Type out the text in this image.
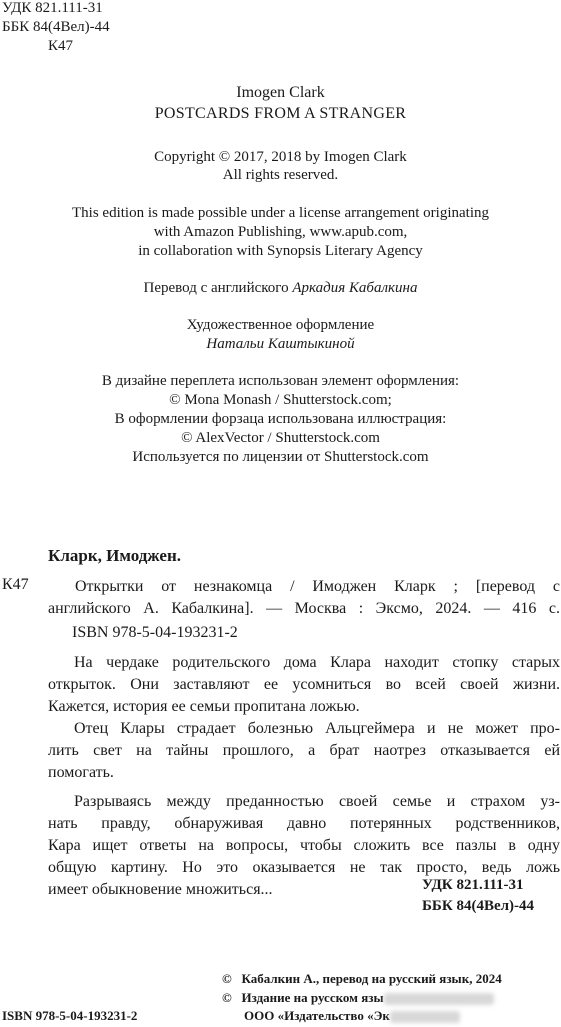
УДК 821.111-31
ББК 84(4Вел)-44
К47
Imogen Clark
POSTCARDS FROM A STRANGER
Copyright © 2017, 2018 by Imogen Clark
All rights reserved.
This edition is made possible under a license arrangement originating
with Amazon Publishing, www.apub.com,
in collaboration with Synopsis Literary Agency
Перевод с английского Аркадия Кабалкина
Художественное оформление
Натальи Каштыкиной
В дизайне переплета использован элемент оформления:
© Mona Monash / Shutterstock.com;
В оформлении форзаца использована иллюстрация:
© AlexVector / Shutterstock.com
Используется по лицензии от Shutterstock.com
Кларк, Имоджен.
К47	Открытки от незнакомца / Имоджен Кларк ; [перевод с
английского А. Кабалкина]. — Москва : Эксмо, 2024. — 416 с.
ISBN 978-5-04-193231-2
На чердаке родительского дома Клара находит стопку старых
открыток. Они заставляют ее усомниться во всей своей жизни.
Кажется, история ее семьи пропитана ложью.
Отец Клары страдает болезнью Альцгеймера и не может про-
лить свет на тайны прошлого, а брат наотрез отказывается ей
помогать.
Разрываясь между преданностью своей семье и страхом уз-
нать правду, обнаруживая давно потерянных родственников,
Кара ищет ответы на вопросы, чтобы сложить все пазлы в одну
общую картину. Но это оказывается не так просто, ведь ложь
имеет обыкновение множиться...	УДК 821.111-31
ББК 84(4Вел)-44
© Кабалкин А., перевод на русский язык, 2024
© Издание на русском язы
ООО «Издательство «Эк
ISBN 978-5-04-193231-2
